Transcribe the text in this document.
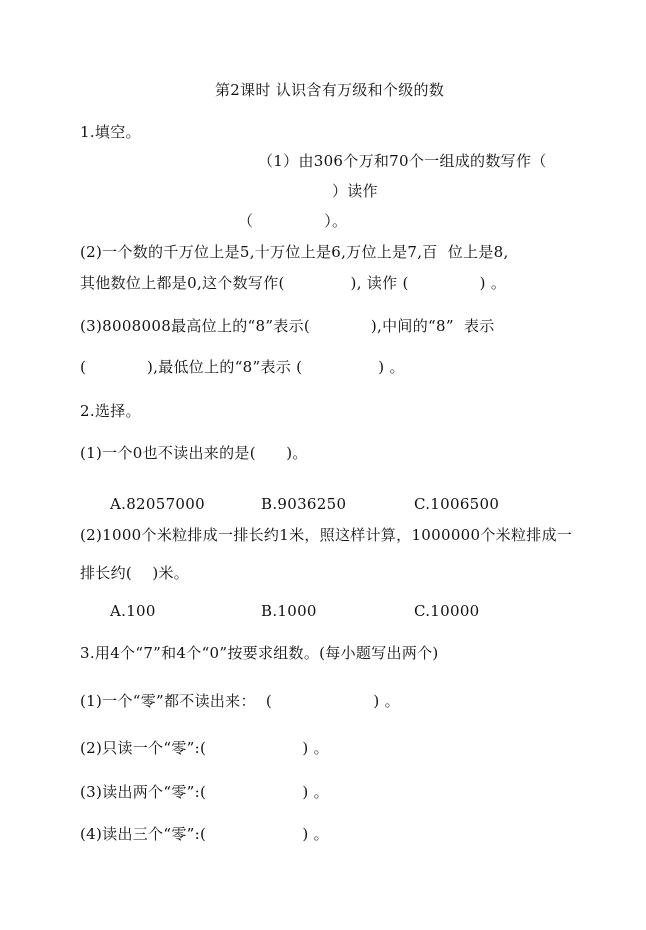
第2课时 认识含有万级和个级的数
1.填空。
（1）由306个万和70个一组成的数写作（
）读作
（              ）。
(2)一个数的千万位上是5,十万位上是6,万位上是7,百  位上是8,
其他数位上都是0,这个数写作(             ), 读作 (              ) 。
(3)8008008最高位上的“8”表示(            ),中间的“8”  表示
(            ),最低位上的“8”表示 (               ) 。
2.选择。
(1)一个0也不读出来的是(      )。
A.82057000	B.9036250	C.1006500
(2)1000个米粒排成一排长约1米，照这样计算，1000000个米粒排成一
排长约(    )米。
A.100	B.1000	C.10000
3.用4个“7”和4个“0”按要求组数。(每小题写出两个)
(1)一个“零”都不读出来：  (                    ) 。
(2)只读一个“零”:(                   ) 。
(3)读出两个“零”:(                   ) 。
(4)读出三个“零”:(                   ) 。
